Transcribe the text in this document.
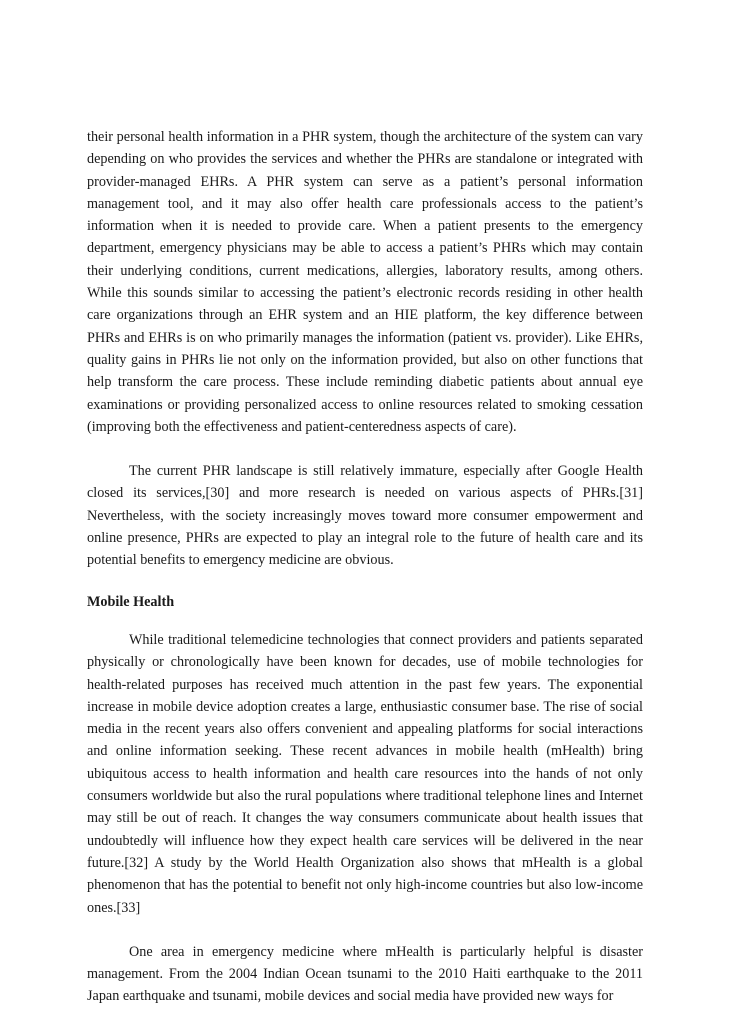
their personal health information in a PHR system, though the architecture of the system can vary depending on who provides the services and whether the PHRs are standalone or integrated with provider-managed EHRs. A PHR system can serve as a patient’s personal information management tool, and it may also offer health care professionals access to the patient’s information when it is needed to provide care. When a patient presents to the emergency department, emergency physicians may be able to access a patient’s PHRs which may contain their underlying conditions, current medications, allergies, laboratory results, among others. While this sounds similar to accessing the patient’s electronic records residing in other health care organizations through an EHR system and an HIE platform, the key difference between PHRs and EHRs is on who primarily manages the information (patient vs. provider). Like EHRs, quality gains in PHRs lie not only on the information provided, but also on other functions that help transform the care process. These include reminding diabetic patients about annual eye examinations or providing personalized access to online resources related to smoking cessation (improving both the effectiveness and patient-centeredness aspects of care).

The current PHR landscape is still relatively immature, especially after Google Health closed its services,[30] and more research is needed on various aspects of PHRs.[31] Nevertheless, with the society increasingly moves toward more consumer empowerment and online presence, PHRs are expected to play an integral role to the future of health care and its potential benefits to emergency medicine are obvious.

Mobile Health

While traditional telemedicine technologies that connect providers and patients separated physically or chronologically have been known for decades, use of mobile technologies for health-related purposes has received much attention in the past few years. The exponential increase in mobile device adoption creates a large, enthusiastic consumer base. The rise of social media in the recent years also offers convenient and appealing platforms for social interactions and online information seeking. These recent advances in mobile health (mHealth) bring ubiquitous access to health information and health care resources into the hands of not only consumers worldwide but also the rural populations where traditional telephone lines and Internet may still be out of reach. It changes the way consumers communicate about health issues that undoubtedly will influence how they expect health care services will be delivered in the near future.[32] A study by the World Health Organization also shows that mHealth is a global phenomenon that has the potential to benefit not only high-income countries but also low-income ones.[33]

One area in emergency medicine where mHealth is particularly helpful is disaster management. From the 2004 Indian Ocean tsunami to the 2010 Haiti earthquake to the 2011 Japan earthquake and tsunami, mobile devices and social media have provided new ways for
